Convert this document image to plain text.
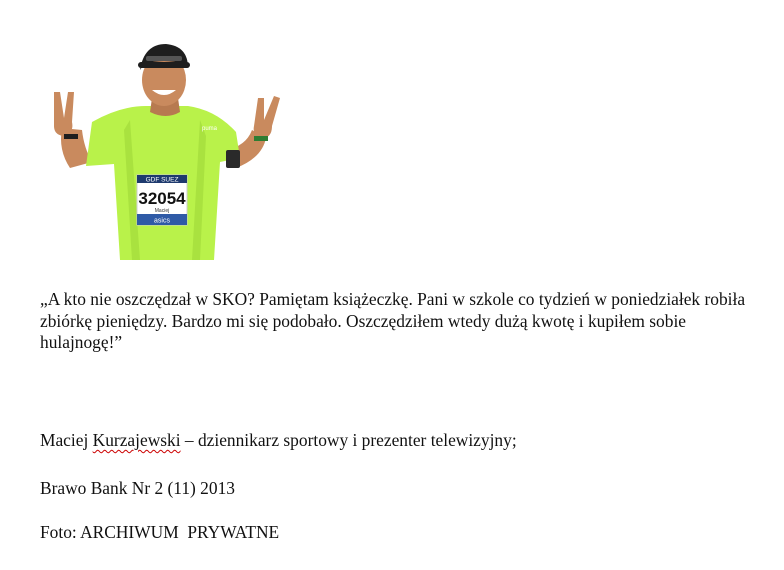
GDF SUEZ
32054
Maciej
asics
puma

„A kto nie oszczędzał w SKO? Pamiętam książeczkę. Pani w szkole co tydzień w poniedziałek robiła zbiórkę pieniędzy. Bardzo mi się podobało. Oszczędziłem wtedy dużą kwotę i kupiłem sobie hulajnogę!”

Maciej Kurzajewski – dziennikarz sportowy i prezenter telewizyjny;

Brawo Bank Nr 2 (11) 2013

Foto: ARCHIWUM  PRYWATNE
